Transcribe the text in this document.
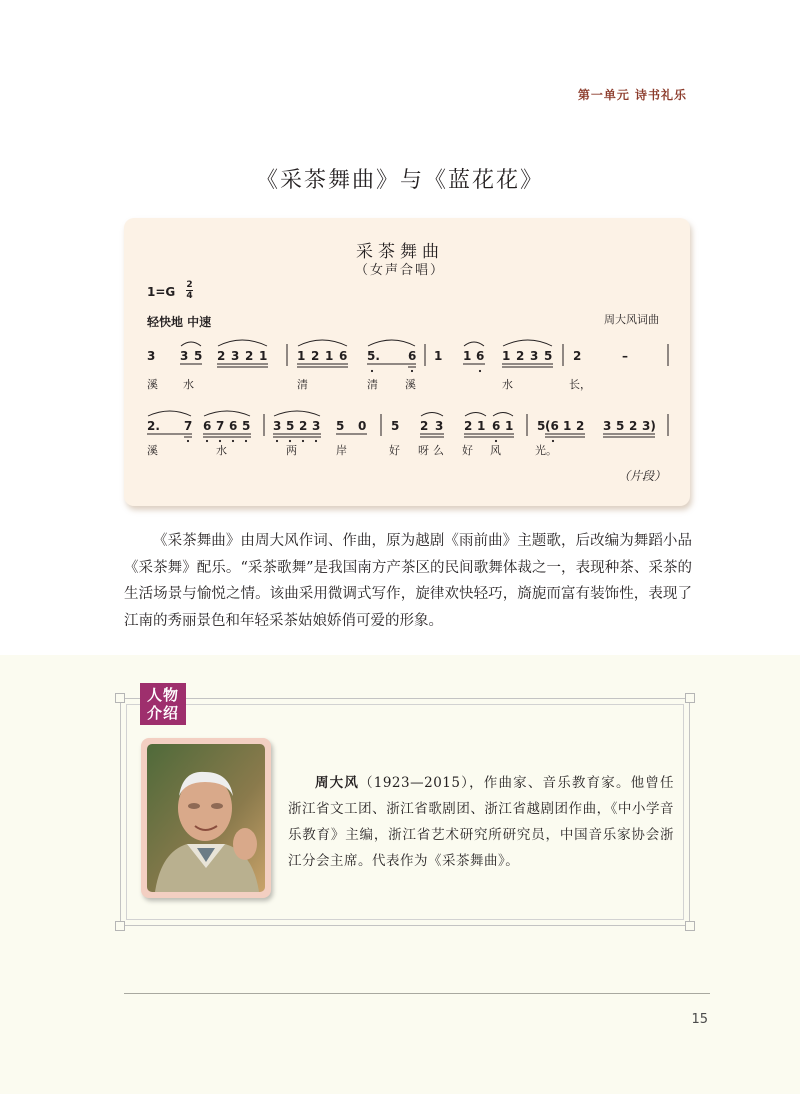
第一单元 诗书礼乐
《采茶舞曲》与《蓝花花》
采茶舞曲
（女声合唱）
1=G 2
4
轻快地 中速	周大风词曲
3 3 5 2 3 2 1 1 2 1 6 5. 6 1 1 6 1 2 3 5 2	–
溪 水	清	清 溪	水	长，
2. 7 6 7 6 5 3 5 2 3 5 0 5 2 3 2 1 6 1 5 (6 1 2 3 5 2 3)
溪	水	两	岸	好 呀 么 好 风	光。
（片段）

《采茶舞曲》由周大风作词、作曲，原为越剧《雨前曲》主题歌，后改编为舞蹈小品《采茶舞》配乐。“采茶歌舞”是我国南方产茶区的民间歌舞体裁之一，表现种茶、采茶的生活场景与愉悦之情。该曲采用微调式写作，旋律欢快轻巧，旖旎而富有装饰性，表现了江南的秀丽景色和年轻采茶姑娘娇俏可爱的形象。

人物
介绍
周大风（1923—2015），作曲家、音乐教育家。他曾任浙江省文工团、浙江省歌剧团、浙江省越剧团作曲，《中小学音乐教育》主编，浙江省艺术研究所研究员，中国音乐家协会浙江分会主席。代表作为《采茶舞曲》。
15
